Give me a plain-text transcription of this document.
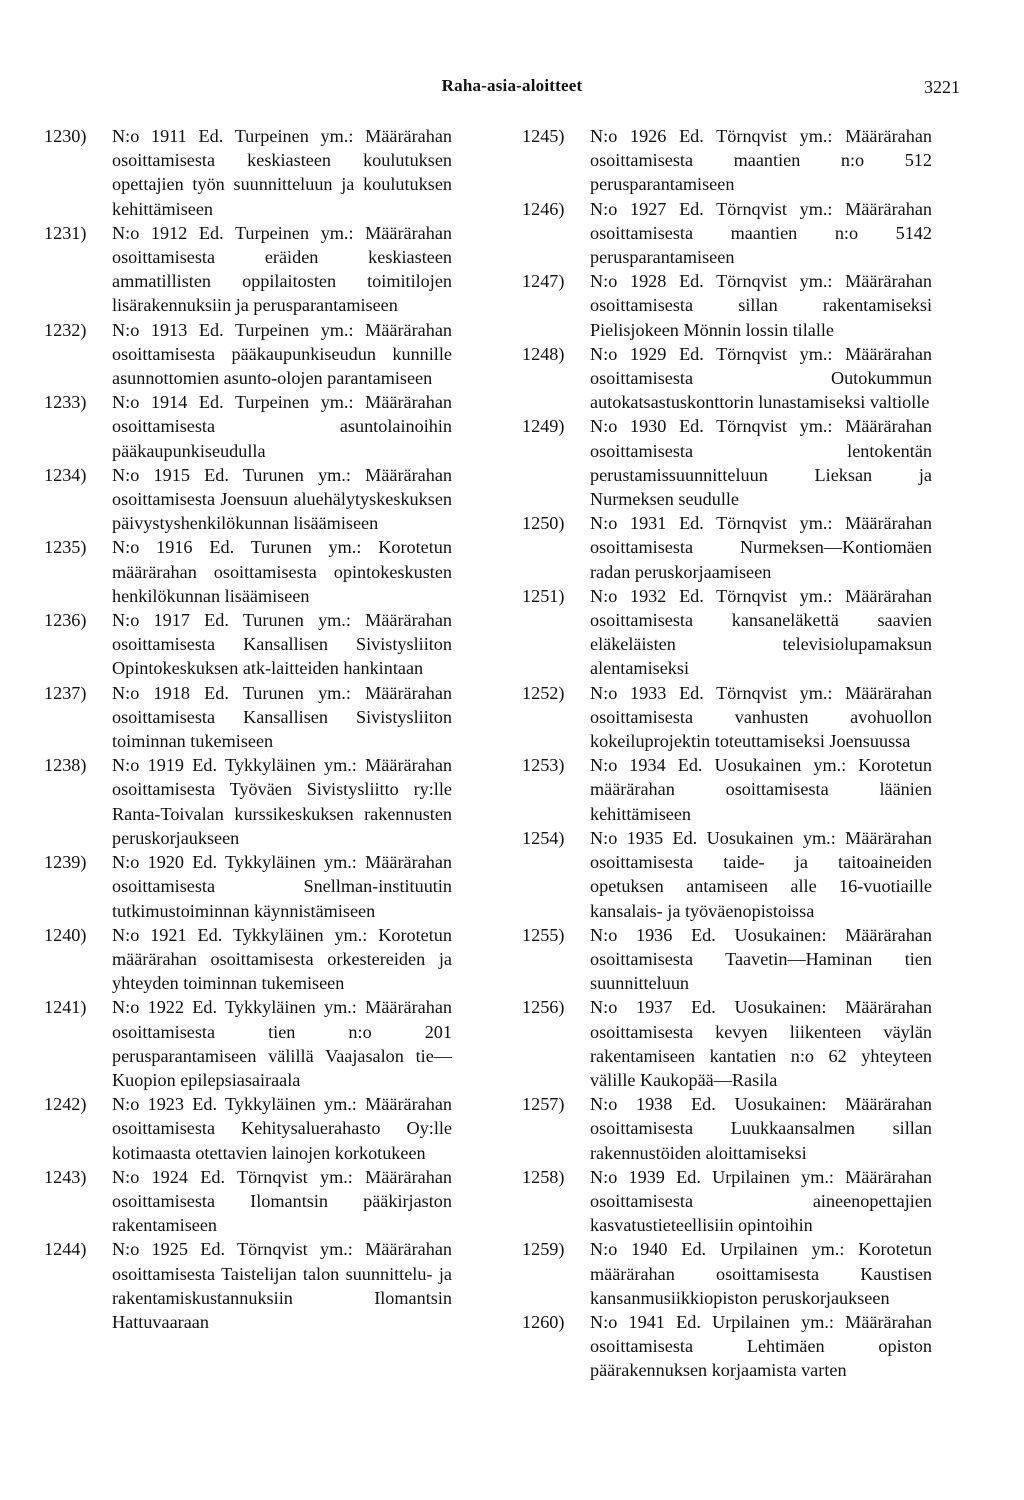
Raha-asia-aloitteet	3221
1230) N:o 1911 Ed. Turpeinen ym.: Määrärahan osoittamisesta keskiasteen koulutuksen opettajien työn suunnitteluun ja koulutuksen kehittämiseen
1231) N:o 1912 Ed. Turpeinen ym.: Määrärahan osoittamisesta eräiden keskiasteen ammatillisten oppilaitosten toimitilojen lisärakennuksiin ja perusparantamiseen
1232) N:o 1913 Ed. Turpeinen ym.: Määrärahan osoittamisesta pääkaupunkiseudun kunnille asunnottomien asunto-olojen parantamiseen
1233) N:o 1914 Ed. Turpeinen ym.: Määrärahan osoittamisesta asuntolainoihin pääkaupunkiseudulla
1234) N:o 1915 Ed. Turunen ym.: Määrärahan osoittamisesta Joensuun aluehälytyskeskuksen päivystyshenkilökunnan lisäämiseen
1235) N:o 1916 Ed. Turunen ym.: Korotetun määrärahan osoittamisesta opintokeskusten henkilökunnan lisäämiseen
1236) N:o 1917 Ed. Turunen ym.: Määrärahan osoittamisesta Kansallisen Sivistysliiton Opintokeskuksen atk-laitteiden hankintaan
1237) N:o 1918 Ed. Turunen ym.: Määrärahan osoittamisesta Kansallisen Sivistysliiton toiminnan tukemiseen
1238) N:o 1919 Ed. Tykkyläinen ym.: Määrärahan osoittamisesta Työväen Sivistysliitto ry:lle Ranta-Toivalan kurssikeskuksen rakennusten peruskorjaukseen
1239) N:o 1920 Ed. Tykkyläinen ym.: Määrärahan osoittamisesta Snellman-instituutin tutkimustoiminnan käynnistämiseen
1240) N:o 1921 Ed. Tykkyläinen ym.: Korotetun määrärahan osoittamisesta orkestereiden ja yhteyden toiminnan tukemiseen
1241) N:o 1922 Ed. Tykkyläinen ym.: Määrärahan osoittamisesta tien n:o 201 perusparantamiseen välillä Vaajasalon tie—Kuopion epilepsiasairaala
1242) N:o 1923 Ed. Tykkyläinen ym.: Määrärahan osoittamisesta Kehitysaluerahasto Oy:lle kotimaasta otettavien lainojen korkotukeen
1243) N:o 1924 Ed. Törnqvist ym.: Määrärahan osoittamisesta Ilomantsin pääkirjaston rakentamiseen
1244) N:o 1925 Ed. Törnqvist ym.: Määrärahan osoittamisesta Taistelijan talon suunnittelu- ja rakentamiskustannuksiin Ilomantsin Hattuvaaraan
1245) N:o 1926 Ed. Törnqvist ym.: Määrärahan osoittamisesta maantien n:o 512 perusparantamiseen
1246) N:o 1927 Ed. Törnqvist ym.: Määrärahan osoittamisesta maantien n:o 5142 perusparantamiseen
1247) N:o 1928 Ed. Törnqvist ym.: Määrärahan osoittamisesta sillan rakentamiseksi Pielisjokeen Mönnin lossin tilalle
1248) N:o 1929 Ed. Törnqvist ym.: Määrärahan osoittamisesta Outokummun autokatsastuskonttorin lunastamiseksi valtiolle
1249) N:o 1930 Ed. Törnqvist ym.: Määrärahan osoittamisesta lentokentän perustamissuunnitteluun Lieksan ja Nurmeksen seudulle
1250) N:o 1931 Ed. Törnqvist ym.: Määrärahan osoittamisesta Nurmeksen—Kontiomäen radan peruskorjaamiseen
1251) N:o 1932 Ed. Törnqvist ym.: Määrärahan osoittamisesta kansaneläkettä saavien eläkeläisten televisiolupamaksun alentamiseksi
1252) N:o 1933 Ed. Törnqvist ym.: Määrärahan osoittamisesta vanhusten avohuollon kokeiluprojektin toteuttamiseksi Joensuussa
1253) N:o 1934 Ed. Uosukainen ym.: Korotetun määrärahan osoittamisesta läänien kehittämiseen
1254) N:o 1935 Ed. Uosukainen ym.: Määrärahan osoittamisesta taide- ja taitoaineiden opetuksen antamiseen alle 16-vuotiaille kansalais- ja työväenopistoissa
1255) N:o 1936 Ed. Uosukainen: Määrärahan osoittamisesta Taavetin—Haminan tien suunnitteluun
1256) N:o 1937 Ed. Uosukainen: Määrärahan osoittamisesta kevyen liikenteen väylän rakentamiseen kantatien n:o 62 yhteyteen välille Kaukopää—Rasila
1257) N:o 1938 Ed. Uosukainen: Määrärahan osoittamisesta Luukkaansalmen sillan rakennustöiden aloittamiseksi
1258) N:o 1939 Ed. Urpilainen ym.: Määrärahan osoittamisesta aineenopettajien kasvatustieteellisiin opintoihin
1259) N:o 1940 Ed. Urpilainen ym.: Korotetun määrärahan osoittamisesta Kaustisen kansanmusiikkiopiston peruskorjaukseen
1260) N:o 1941 Ed. Urpilainen ym.: Määrärahan osoittamisesta Lehtimäen opiston päärakennuksen korjaamista varten
